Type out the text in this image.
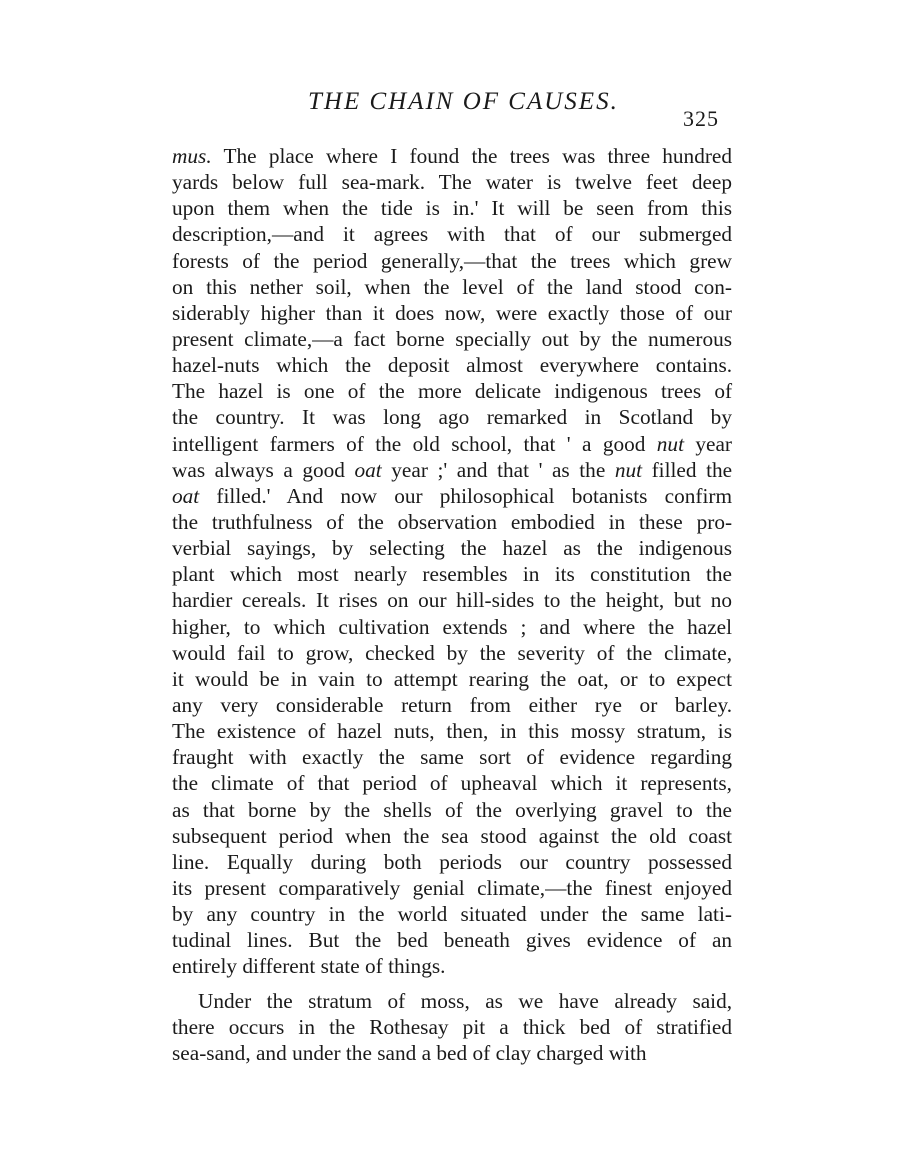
THE CHAIN OF CAUSES.
325
mus. The place where I found the trees was three hundred
yards below full sea-mark. The water is twelve feet deep
upon them when the tide is in.' It will be seen from this
description,—and it agrees with that of our submerged
forests of the period generally,—that the trees which grew
on this nether soil, when the level of the land stood con-
siderably higher than it does now, were exactly those of our
present climate,—a fact borne specially out by the numerous
hazel-nuts which the deposit almost everywhere contains.
The hazel is one of the more delicate indigenous trees of
the country. It was long ago remarked in Scotland by
intelligent farmers of the old school, that ' a good nut year
was always a good oat year ;' and that ' as the nut filled the
oat filled.' And now our philosophical botanists confirm
the truthfulness of the observation embodied in these pro-
verbial sayings, by selecting the hazel as the indigenous
plant which most nearly resembles in its constitution the
hardier cereals. It rises on our hill-sides to the height, but no
higher, to which cultivation extends ; and where the hazel
would fail to grow, checked by the severity of the climate,
it would be in vain to attempt rearing the oat, or to expect
any very considerable return from either rye or barley.
The existence of hazel nuts, then, in this mossy stratum, is
fraught with exactly the same sort of evidence regarding
the climate of that period of upheaval which it represents,
as that borne by the shells of the overlying gravel to the
subsequent period when the sea stood against the old coast
line. Equally during both periods our country possessed
its present comparatively genial climate,—the finest enjoyed
by any country in the world situated under the same lati-
tudinal lines. But the bed beneath gives evidence of an
entirely different state of things.
Under the stratum of moss, as we have already said,
there occurs in the Rothesay pit a thick bed of stratified
sea-sand, and under the sand a bed of clay charged with
